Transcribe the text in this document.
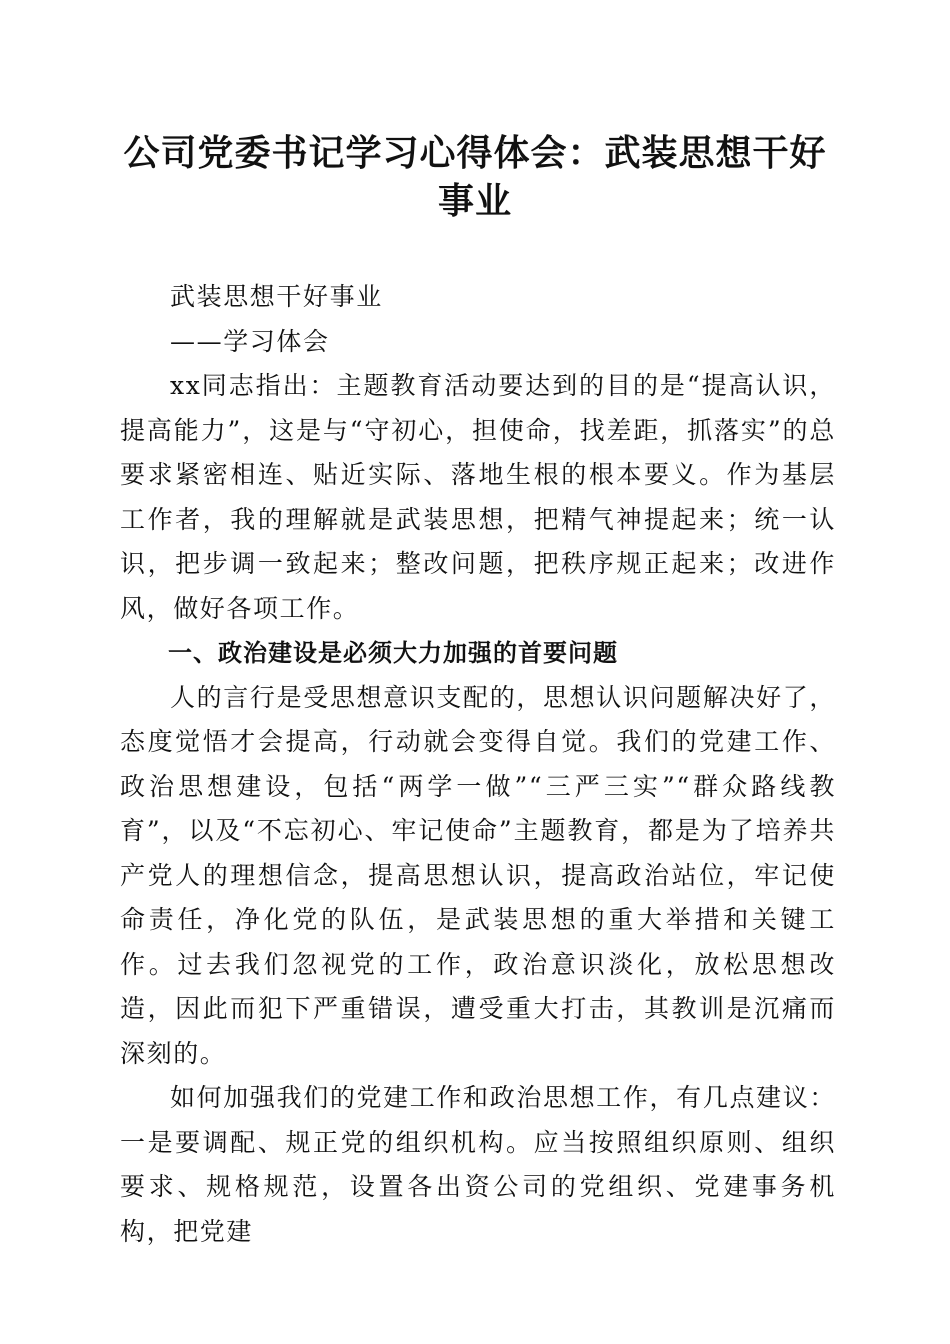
公司党委书记学习心得体会：武装思想干好事业

武装思想干好事业

——学习体会

xx同志指出：主题教育活动要达到的目的是“提高认识，提高能力”，这是与“守初心，担使命，找差距，抓落实”的总要求紧密相连、贴近实际、落地生根的根本要义。作为基层工作者，我的理解就是武装思想，把精气神提起来；统一认识，把步调一致起来；整改问题，把秩序规正起来；改进作风，做好各项工作。

一、政治建设是必须大力加强的首要问题

人的言行是受思想意识支配的，思想认识问题解决好了，态度觉悟才会提高，行动就会变得自觉。我们的党建工作、政治思想建设，包括“两学一做”“三严三实”“群众路线教育”，以及“不忘初心、牢记使命”主题教育，都是为了培养共产党人的理想信念，提高思想认识，提高政治站位，牢记使命责任，净化党的队伍，是武装思想的重大举措和关键工作。过去我们忽视党的工作，政治意识淡化，放松思想改造，因此而犯下严重错误，遭受重大打击，其教训是沉痛而深刻的。

如何加强我们的党建工作和政治思想工作，有几点建议：一是要调配、规正党的组织机构。应当按照组织原则、组织要求、规格规范，设置各出资公司的党组织、党建事务机构，把党建
